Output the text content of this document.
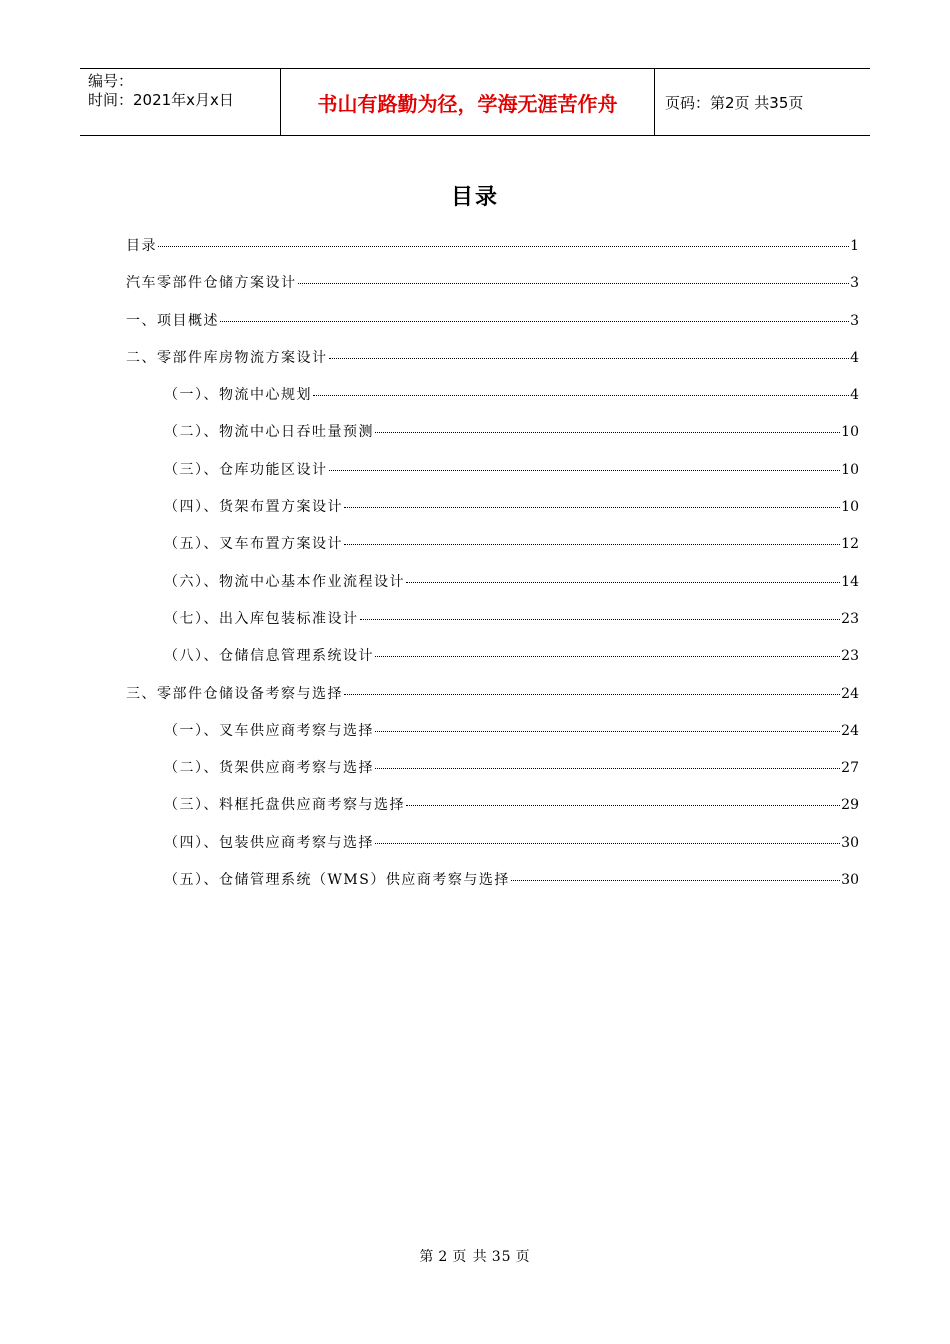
编号：
时间：2021年x月x日	书山有路勤为径，学海无涯苦作舟	页码：第2页 共35页
目录
目录	1
汽车零部件仓储方案设计	3
一、项目概述	3
二、零部件库房物流方案设计	4
（一）、物流中心规划	4
（二）、物流中心日吞吐量预测	10
（三）、仓库功能区设计	10
（四）、货架布置方案设计	10
（五）、叉车布置方案设计	12
（六）、物流中心基本作业流程设计	14
（七）、出入库包装标准设计	23
（八）、仓储信息管理系统设计	23
三、零部件仓储设备考察与选择	24
（一）、叉车供应商考察与选择	24
（二）、货架供应商考察与选择	27
（三）、料框托盘供应商考察与选择	29
（四）、包装供应商考察与选择	30
（五）、仓储管理系统（WMS）供应商考察与选择	30
第 2 页 共 35 页
